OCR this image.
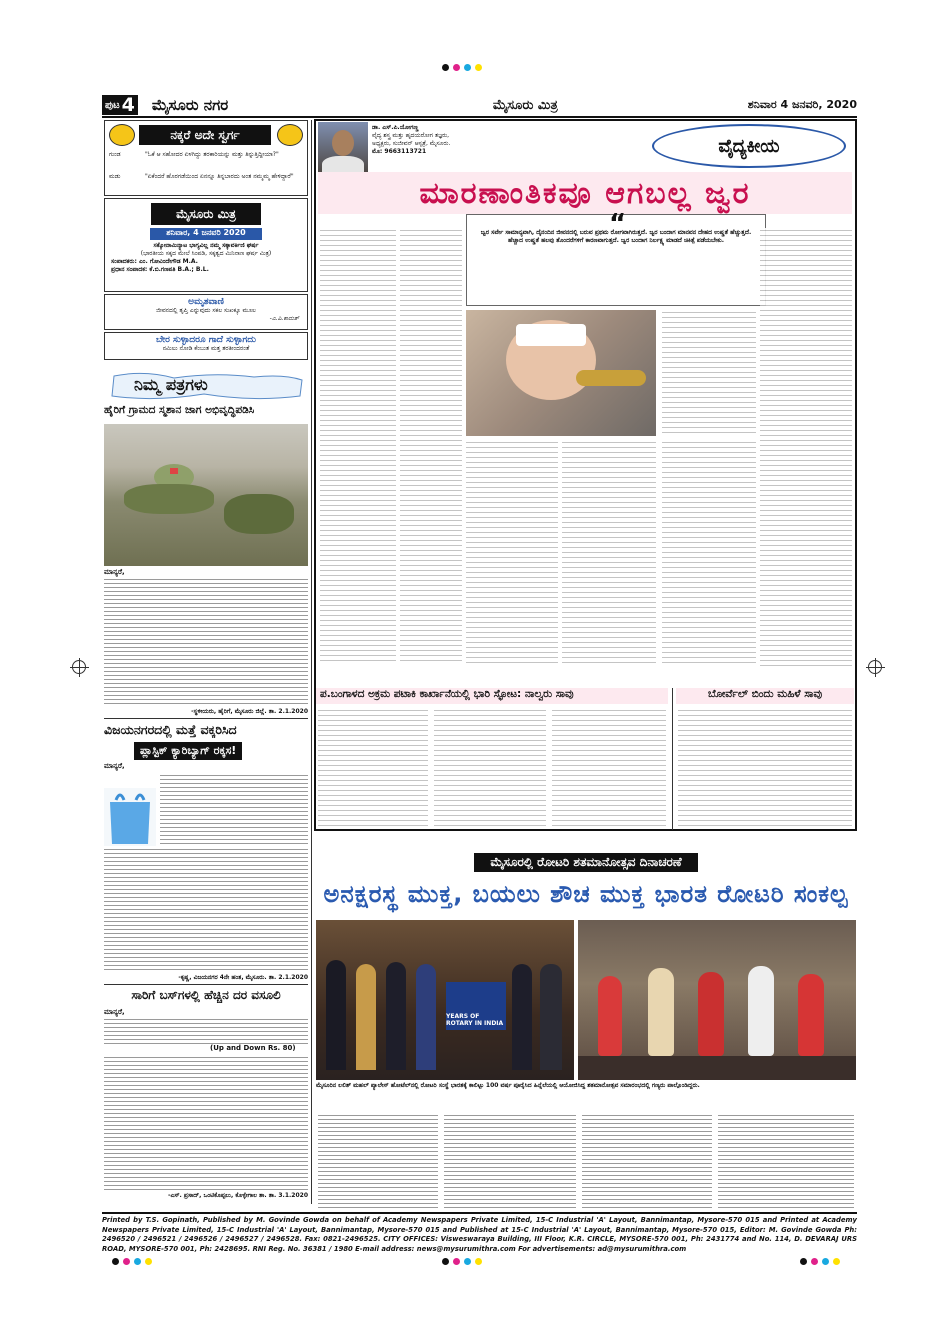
ಪುಟ 4 ಮೈಸೂರು ನಗರ	ಮೈಸೂರು ಮಿತ್ರ	ಶನಿವಾರ 4 ಜನವರಿ, 2020
ನಕ್ಕರೆ ಅದೇ ಸ್ವರ್ಗ
ಗುಂಡ	"ಓಕೆ ಆ ಸಹೋದರ ಏಳಗಿದ್ದು ತರಕಾರಿಯನ್ನು ಮತ್ತು ತಿನ್ನುತ್ತಿದ್ದೀಯಾ?"
ಮಡು	"ಏಕೆಂದರೆ ಹೊರಗಡೆಯಿಂದ ಏನನ್ನೂ ತಿನ್ನಬಾರದು ಅಂತ ನಮ್ಮಮ್ಮ ಹೇಳಿದ್ದಾರೆ"
ಮೈಸೂರು ಮಿತ್ರ
ಶನಿವಾರ, 4 ಜನವರಿ 2020
ಸಕ್ಕೋನಾಮಿನ್ಯಾಟ ಭಾಗ್ಯವಿಲ್ಲ ನಮ್ಮ ಸಕ್ಕಾವರ್ಕಿಣಿ ಘರ್ಷ
(ಭಾರತೀಯ ಸಕ್ಕದ ಮೇಲೆ ಸಿಂಪಡಿ, ಸಕ್ಕತ್ವದ ಮಿನಿನಾಣ ಘರ್ಷ ಮಿತ್ರ)
ಸಂಪಾದಕರು: ಎಂ. ಗೋವಿಂದೇಗೌಡ M.A.
ಪ್ರಧಾನ ಸಂಪಾದಕ: ಕೆ.ಬಿ.ಗಣಪತಿ B.A.; B.L.
ಅಮೃತವಾಣಿ
ಜೀವನದಲ್ಲಿ ತೃಪ್ತಿ ಎನ್ನುವುದು ಸಕಲ ಸುಖಕ್ಕೂ ಮೂಲ
-ಎ.ಪಿ.ಕಾಮತ್
ಬೇರ ಸುಳ್ಳಾದರೂ ಗಾದೆ ಸುಳ್ಳಾಗದು
ನಮಿಲು ನೋಡಿ ಕೆಂಬುತ ಮತ್ತ ತರತೀಂದರಂತೆ
ನಿಮ್ಮ ಪತ್ರಗಳು
ಹೈರಿಗೆ ಗ್ರಾಮದ ಸ್ಮಶಾನ ಜಾಗ ಅಭಿವೃದ್ಧಿಪಡಿಸಿ
ಮಾನ್ಯರೆ,
-ಸ್ಥಳೀಯರು, ಹೈರಿಗೆ, ಮೈಸೂರು ಜಿಲ್ಲೆ. ತಾ. 2.1.2020
ವಿಜಯನಗರದಲ್ಲಿ ಮತ್ತೆ ವಕ್ಕರಿಸಿದ
ಪ್ಲಾಸ್ಟಿಕ್ ಕ್ಯಾರಿಬ್ಯಾಗ್ ರಕ್ಕಸ!
ಮಾನ್ಯರೆ,
-ಕೃಷ್ಣ, ವಿಜಯನಗರ 4ನೇ ಹಂತ, ಮೈಸೂರು. ತಾ. 2.1.2020
ಸಾರಿಗೆ ಬಸ್‌ಗಳಲ್ಲಿ ಹೆಚ್ಚಿನ ದರ ವಸೂಲಿ
ಮಾನ್ಯರೆ,
(Up and Down Rs. 80)
-ಎಸ್. ಪ್ರಸಾದ್, ಒಂಟಿಕೊಪ್ಪಲು, ಕೊಳ್ಳೇಗಾಲ ತಾ. ತಾ. 3.1.2020
ಡಾ. ಎಸ್.ಪಿ.ಯೋಗಣ್ಣ
ವೈದ್ಯ ಶಸ್ತ್ರ ಮತ್ತು ಹೃದಯರೋಗ ತಜ್ಞರು,
ಅಧ್ಯಕ್ಷರು, ಸುಜೀವನ್ ಆಸ್ಪತ್ರೆ, ಮೈಸೂರು.
ಮೊ: 9663113721	ವೈದ್ಯಕೀಯ
ಮಾರಣಾಂತಿಕವೂ ಆಗಬಲ್ಲ ಜ್ವರ
“
ಜ್ವರ ಸರ್ವೇ ಸಾಮಾನ್ಯವಾಗಿ, ದೈನಂದಿನ ಜೀವನದಲ್ಲಿ ಬರುವ ಪ್ರಥಮ ರೋಗವಾಗಿರುತ್ತದೆ. ಜ್ವರ ಬಂದಾಗ ಮಾನವನ ದೇಹದ ಉಷ್ಣತೆ ಹೆಚ್ಚುತ್ತದೆ. ಹೆಚ್ಚಾದ ಉಷ್ಣತೆ ಹಲವು ತೊಂದರೆಗಳಿಗೆ ಕಾರಣವಾಗುತ್ತದೆ. ಜ್ವರ ಬಂದಾಗ ನಿರ್ಲಕ್ಷ್ಯ ಮಾಡದೆ ಚಿಕಿತ್ಸೆ ಪಡೆಯಬೇಕು.
ಪ.ಬಂಗಾಳದ ಅಕ್ರಮ ಪಟಾಕಿ ಕಾರ್ಖಾನೆಯಲ್ಲಿ ಭಾರಿ ಸ್ಫೋಟ: ನಾಲ್ವರು ಸಾವು	ಬೋರ್ವೆಲ್ ಬಿಂದು ಮಹಿಳೆ ಸಾವು
ಮೈಸೂರಲ್ಲಿ ರೋಟರಿ ಶತಮಾನೋತ್ಸವ ದಿನಾಚರಣೆ
ಅನಕ್ಷರಸ್ಥ ಮುಕ್ತ, ಬಯಲು ಶೌಚ ಮುಕ್ತ ಭಾರತ ರೋಟರಿ ಸಂಕಲ್ಪ
YEARS OF ROTARY IN INDIA
ಮೈಸೂರಿನ ಲಲಿತ್ ಮಹಲ್ ಪ್ಯಾಲೇಸ್ ಹೋಟೆಲ್‌ನಲ್ಲಿ ರೋಟರಿ ಸಂಸ್ಥೆ ಭಾರತಕ್ಕೆ ಕಾಲಿಟ್ಟು 100 ವರ್ಷ ಪೂರೈಸಿದ ಹಿನ್ನೆಲೆಯಲ್ಲಿ ಆಯೋಜಿಸಿದ್ದ ಶತಮಾನೋತ್ಸವ ಸಮಾರಂಭದಲ್ಲಿ ಗಣ್ಯರು ಪಾಲ್ಗೊಂಡಿದ್ದರು.
Printed by T.S. Gopinath, Published by M. Govinde Gowda on behalf of Academy Newspapers Private Limited, 15-C Industrial 'A' Layout, Bannimantap, Mysore-570 015 and Printed at Academy Newspapers Private Limited, 15-C Industrial 'A' Layout, Bannimantap, Mysore-570 015 and Published at 15-C Industrial 'A' Layout, Bannimantap, Mysore-570 015, Editor: M. Govinde Gowda Ph: 2496520 / 2496521 / 2496526 / 2496527 / 2496528. Fax: 0821-2496525. CITY OFFICES: Visweswaraya Building, III Floor, K.R. CIRCLE, MYSORE-570 001, Ph: 2431774 and No. 114, D. DEVARAJ URS ROAD, MYSORE-570 001, Ph: 2428695. RNI Reg. No. 36381 / 1980 E-mail address: news@mysurumithra.com For advertisements: ad@mysurumithra.com
